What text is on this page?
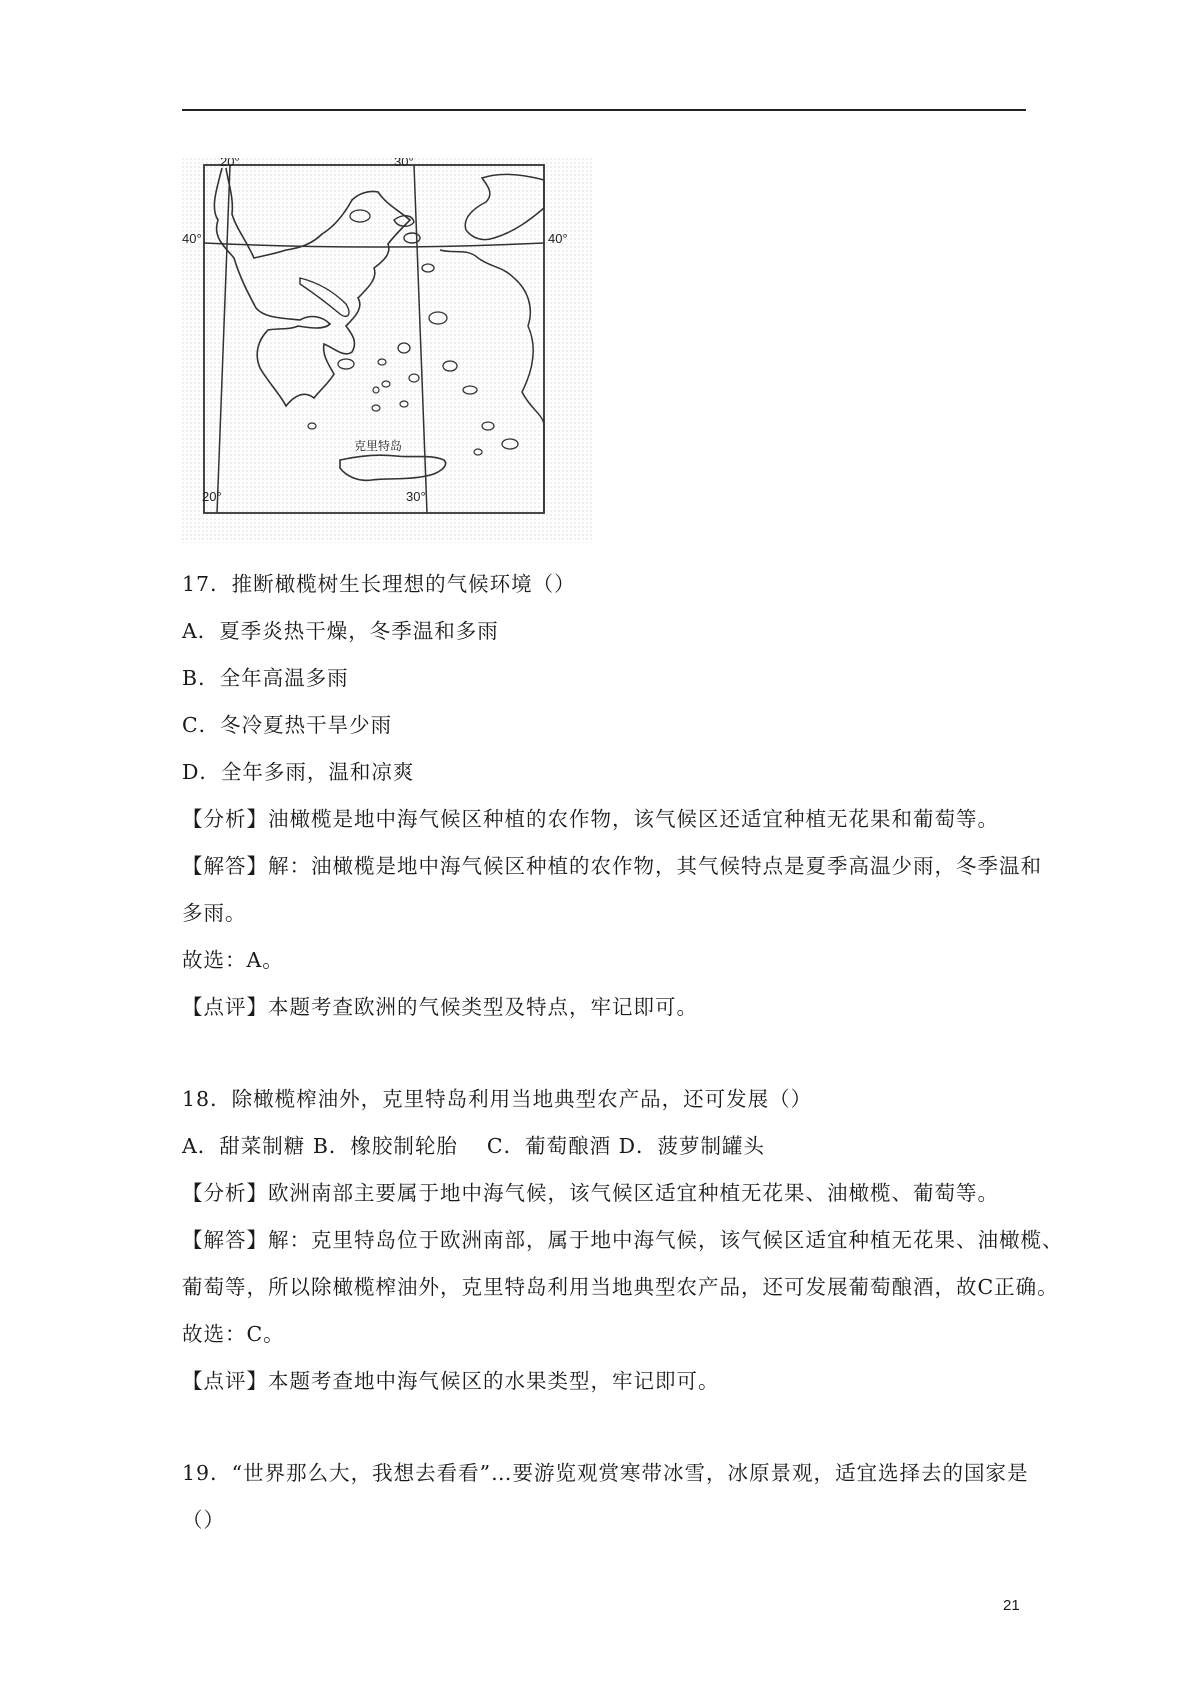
20°	30°
20°	30°
40°	40°
克里特岛
17．推断橄榄树生长理想的气候环境（）
A．夏季炎热干燥，冬季温和多雨
B．全年高温多雨
C．冬冷夏热干旱少雨
D．全年多雨，温和凉爽
【分析】油橄榄是地中海气候区种植的农作物，该气候区还适宜种植无花果和葡萄等。
【解答】解：油橄榄是地中海气候区种植的农作物，其气候特点是夏季高温少雨，冬季温和
多雨。
故选：A。
【点评】本题考查欧洲的气候类型及特点，牢记即可。
18．除橄榄榨油外，克里特岛利用当地典型农产品，还可发展（）
A．甜菜制糖 B．橡胶制轮胎　 C．葡萄酿酒 D．菠萝制罐头
【分析】欧洲南部主要属于地中海气候，该气候区适宜种植无花果、油橄榄、葡萄等。
【解答】解：克里特岛位于欧洲南部，属于地中海气候，该气候区适宜种植无花果、油橄榄、
葡萄等，所以除橄榄榨油外，克里特岛利用当地典型农产品，还可发展葡萄酿酒，故C正确。
故选：C。
【点评】本题考查地中海气候区的水果类型，牢记即可。
19．“世界那么大，我想去看看”…要游览观赏寒带冰雪，冰原景观，适宜选择去的国家是
（）
21
